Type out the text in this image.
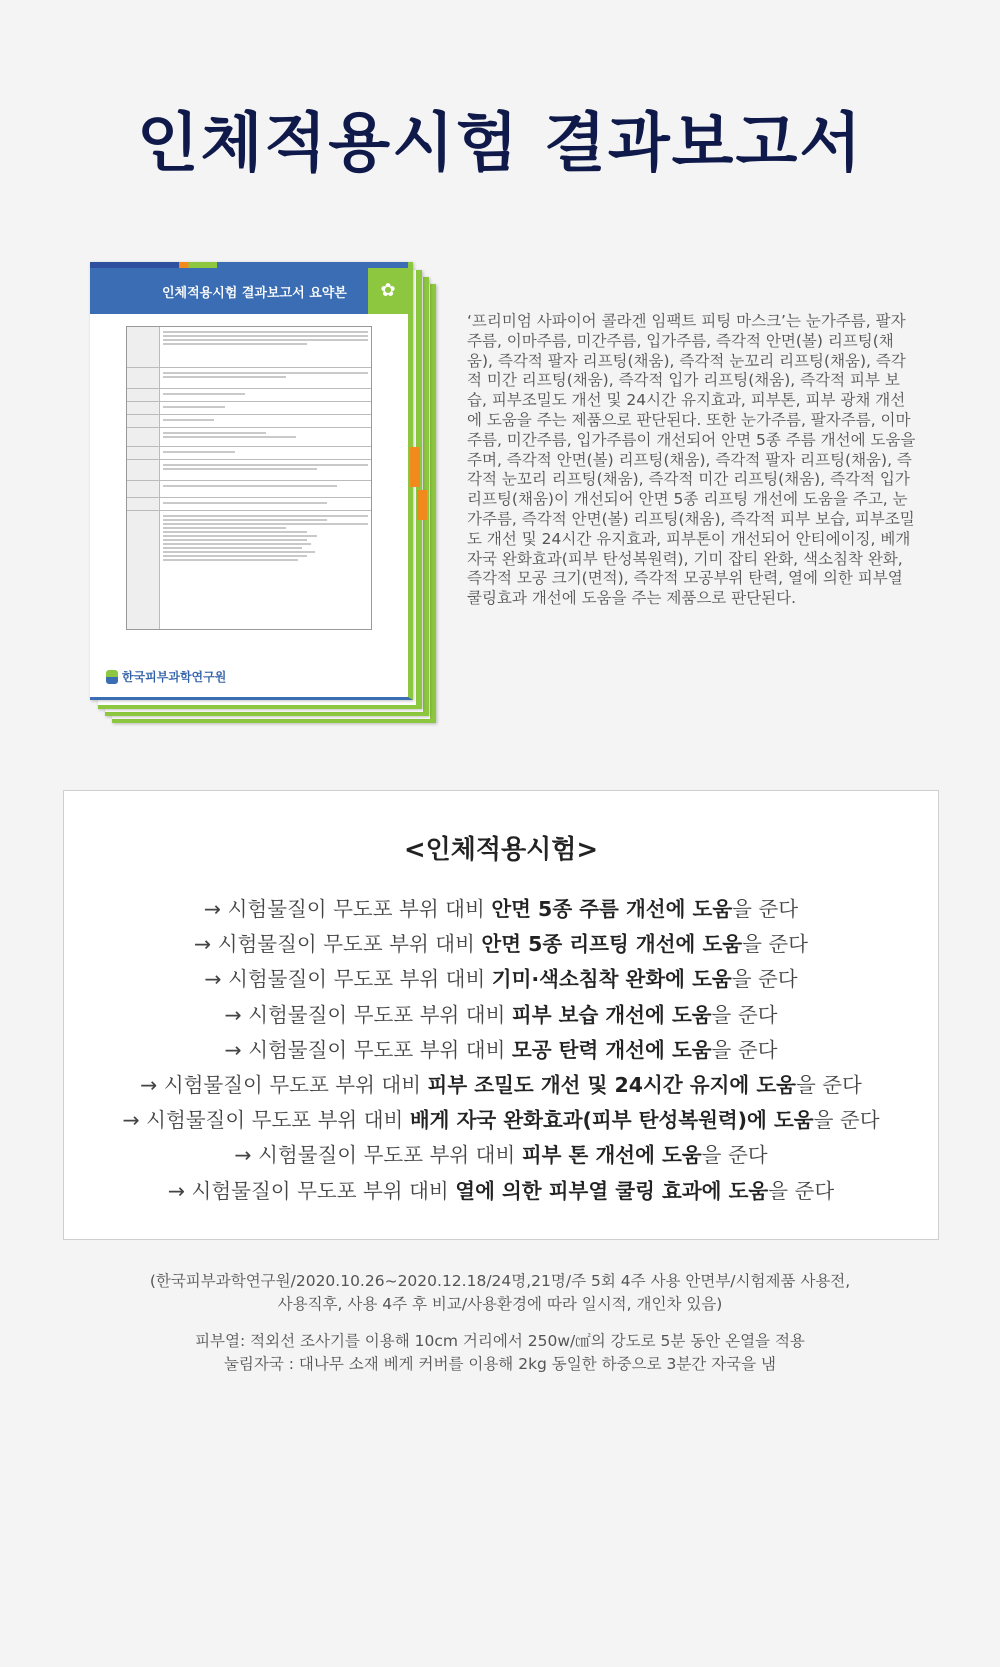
인체적용시험 결과보고서
인체적용시험 결과보고서 요약본	✿
한국피부과학연구원

‘프리미엄 사파이어 콜라겐 임팩트 피팅 마스크’는 눈가주름, 팔자주름, 이마주름, 미간주름, 입가주름, 즉각적 안면(볼) 리프팅(채움), 즉각적 팔자 리프팅(채움), 즉각적 눈꼬리 리프팅(채움), 즉각적 미간 리프팅(채움), 즉각적 입가 리프팅(채움), 즉각적 피부 보습, 피부조밀도 개선 및 24시간 유지효과, 피부톤, 피부 광채 개선에 도움을 주는 제품으로 판단된다. 또한 눈가주름, 팔자주름, 이마주름, 미간주름, 입가주름이 개선되어 안면 5종 주름 개선에 도움을 주며, 즉각적 안면(볼) 리프팅(채움), 즉각적 팔자 리프팅(채움), 즉각적 눈꼬리 리프팅(채움), 즉각적 미간 리프팅(채움), 즉각적 입가 리프팅(채움)이 개선되어 안면 5종 리프팅 개선에 도움을 주고, 눈가주름, 즉각적 안면(볼) 리프팅(채움), 즉각적 피부 보습, 피부조밀도 개선 및 24시간 유지효과, 피부톤이 개선되어 안티에이징, 베개 자국 완화효과(피부 탄성복원력), 기미 잡티 완화, 색소침착 완화, 즉각적 모공 크기(면적), 즉각적 모공부위 탄력, 열에 의한 피부열 쿨링효과 개선에 도움을 주는 제품으로 판단된다.

<인체적용시험>
→ 시험물질이 무도포 부위 대비 안면 5종 주름 개선에 도움을 준다
→ 시험물질이 무도포 부위 대비 안면 5종 리프팅 개선에 도움을 준다
→ 시험물질이 무도포 부위 대비 기미·색소침착 완화에 도움을 준다
→ 시험물질이 무도포 부위 대비 피부 보습 개선에 도움을 준다
→ 시험물질이 무도포 부위 대비 모공 탄력 개선에 도움을 준다
→ 시험물질이 무도포 부위 대비 피부 조밀도 개선 및 24시간 유지에 도움을 준다
→ 시험물질이 무도포 부위 대비 배게 자국 완화효과(피부 탄성복원력)에 도움을 준다
→ 시험물질이 무도포 부위 대비 피부 톤 개선에 도움을 준다
→ 시험물질이 무도포 부위 대비 열에 의한 피부열 쿨링 효과에 도움을 준다

(한국피부과학연구원/2020.10.26~2020.12.18/24명,21명/주 5회 4주 사용 안면부/시험제품 사용전,
사용직후, 사용 4주 후 비교/사용환경에 따라 일시적, 개인차 있음)

피부열: 적외선 조사기를 이용해 10cm 거리에서 250w/㎠의 강도로 5분 동안 온열을 적용
눌림자국 : 대나무 소재 베게 커버를 이용해 2kg 동일한 하중으로 3분간 자국을 냄
